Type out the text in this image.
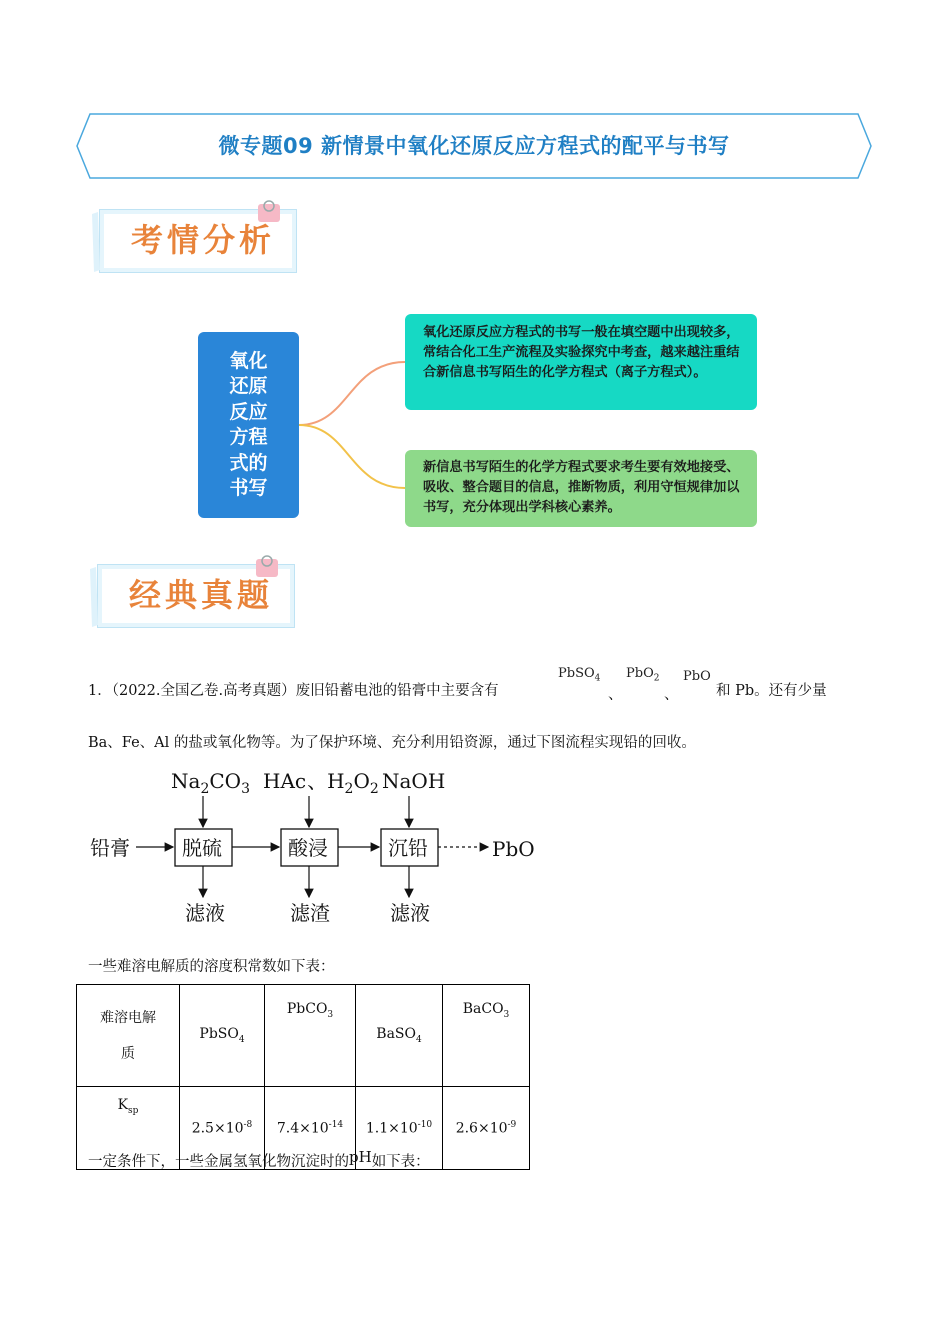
微专题09 新情景中氧化还原反应方程式的配平与书写
考情分析
氧化还原反应方程式的书写
氧化还原反应方程式的书写一般在填空题中出现较多，常结合化工生产流程及实验探究中考查，越来越注重结合新信息书写陌生的化学方程式（离子方程式）。
新信息书写陌生的化学方程式要求考生要有效地接受、吸收、整合题目的信息，推断物质，利用守恒规律加以书写，充分体现出学科核心素养。
经典真题
1．（2022.全国乙卷.高考真题）废旧铅蓄电池的铅膏中主要含有
PbSO$_4$
、
PbO$_2$
、
PbO
和 Pb。还有少量
Ba、Fe、Al 的盐或氧化物等。为了保护环境、充分利用铅资源，通过下图流程实现铅的回收。
$Na_2CO_3$ HAc、$H_2O_2$ NaOH
铅膏	脱硫	酸浸	沉铅	PbO
滤液	滤渣	滤液
一些难溶电解质的溶度积常数如下表：
难溶电解
质	PbSO$_4$	PbCO$_3$	BaSO$_4$	BaCO$_3$
$K_{sp}$	$2.5\times 10^{-8}$	$7.4\times 10^{-14}$	$1.1\times 10^{-10}$	$2.6\times 10^{-9}$
一定条件下，一些金属氢氧化物沉淀时的pH如下表：
